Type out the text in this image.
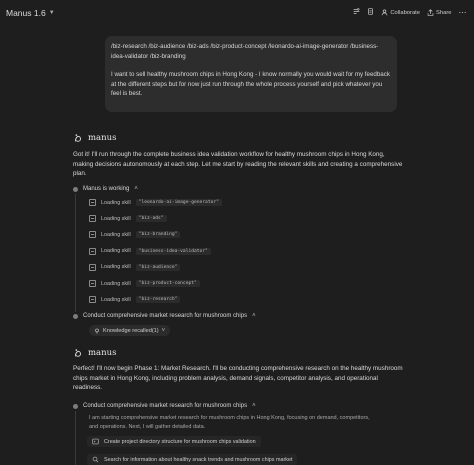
Manus 1.6 ▼	Collaborate	Share ⋯

/biz-research /biz-audience /biz-ads /biz-product-concept /leonardo-ai-image-generator /business-idea-validator /biz-branding

I want to sell healthy mushroom chips in Hong Kong - I know normally you would wait for my feedback at the different steps but for now just run through the whole process yourself and pick whatever you feel is best.

manus
Got it! I'll run through the complete business idea validation workflow for healthy mushroom chips in Hong Kong, making decisions autonomously at each step. Let me start by reading the relevant skills and creating a comprehensive plan.
Manus is working ˄
Loading skill	"leonardo-ai-image-generator"
Loading skill	"biz-ads"
Loading skill	"biz-branding"
Loading skill	"business-idea-validator"
Loading skill	"biz-audience"
Loading skill	"biz-product-concept"
Loading skill	"biz-research"
Conduct comprehensive market research for mushroom chips ˄
Knowledge recalled(1) ˅
manus
Perfect! I'll now begin Phase 1: Market Research. I'll be conducting comprehensive research on the healthy mushroom chips market in Hong Kong, including problem analysis, demand signals, competitor analysis, and operational readiness.
Conduct comprehensive market research for mushroom chips ˄
I am starting comprehensive market research for mushroom chips in Hong Kong, focusing on demand, competitors, and operations. Next, I will gather detailed data.
Create project directory structure for mushroom chips validation
Search for information about healthy snack trends and mushroom chips market
